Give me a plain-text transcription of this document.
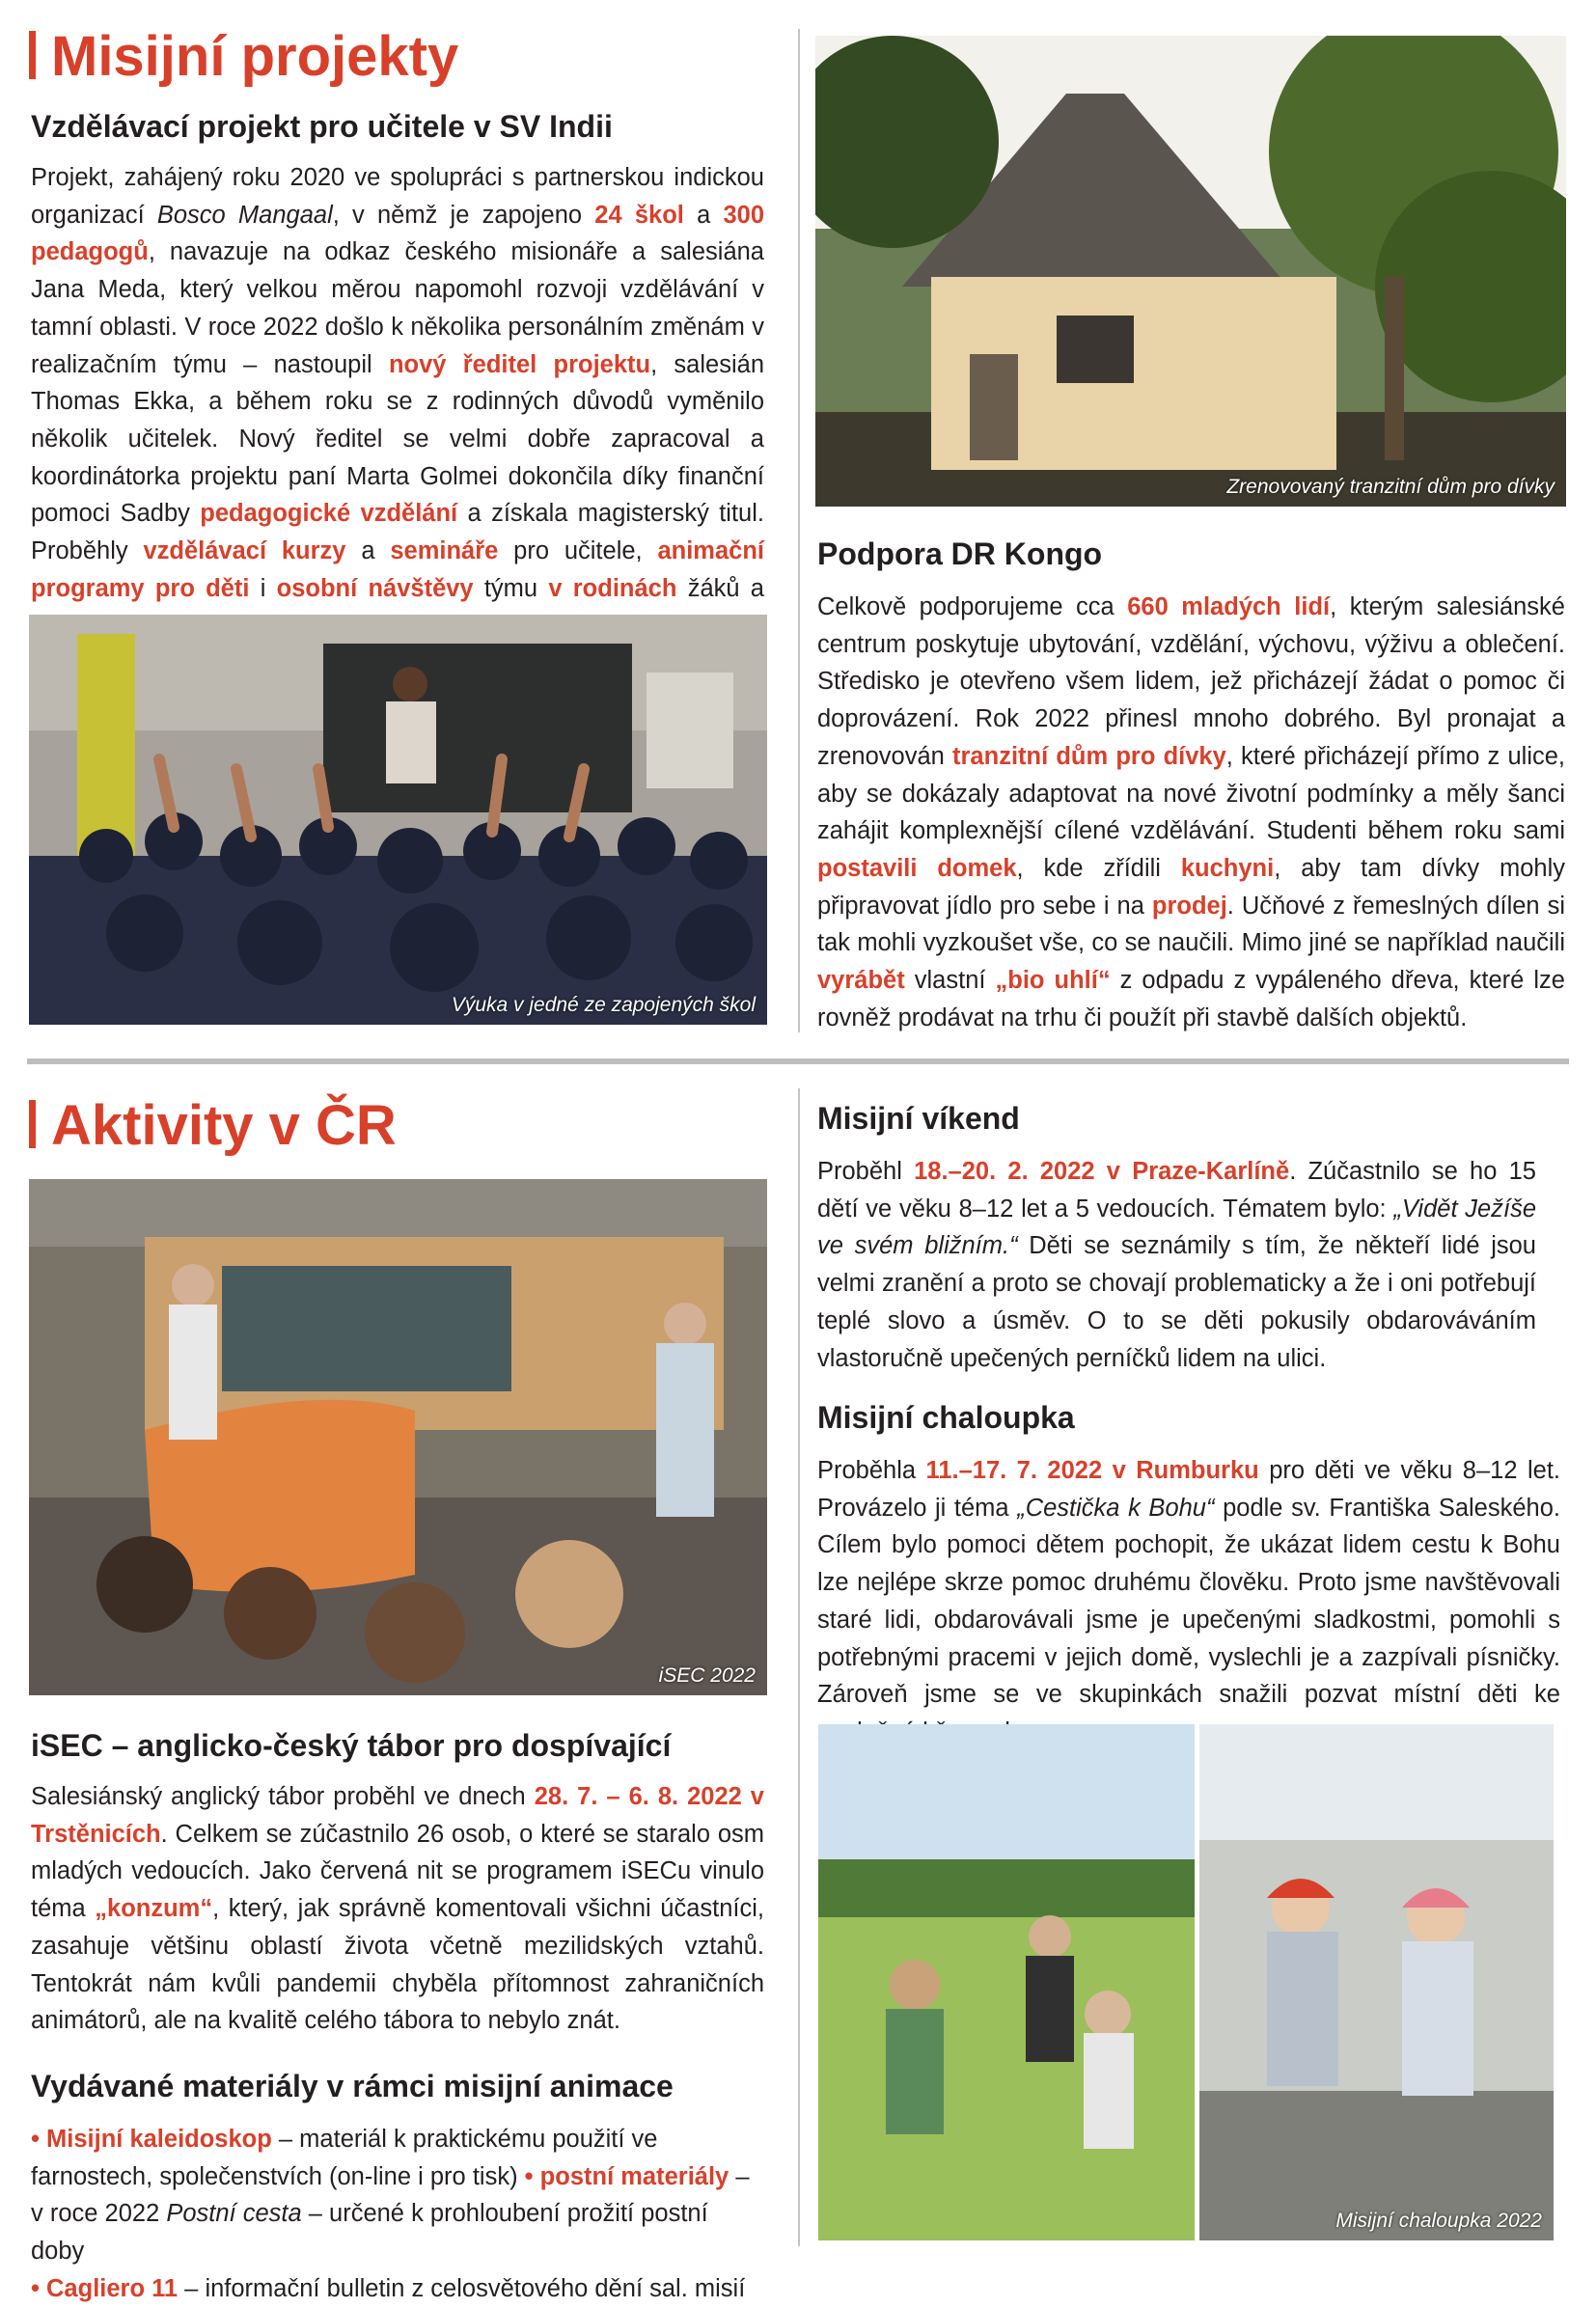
Misijní projekty
Vzdělávací projekt pro učitele v SV Indii

Projekt, zahájený roku 2020 ve spolupráci s partnerskou indickou organizací Bosco Mangaal, v němž je zapojeno 24 škol a 300 pedagogů, navazuje na odkaz českého misionáře a salesiána Jana Meda, který velkou měrou napomohl rozvoji vzdělávání v tamní oblasti. V roce 2022 došlo k několika personálním změnám v realizačním týmu – nastoupil nový ředitel projektu, salesián Thomas Ekka, a během roku se z rodinných důvodů vyměnilo několik učitelek. Nový ředitel se velmi dobře zapracoval a koordinátorka projektu paní Marta Golmei dokončila díky finanční pomoci Sadby pedagogické vzdělání a získala magisterský titul. Proběhly vzdělávací kurzy a semináře pro učitele, animační programy pro děti i osobní návštěvy týmu v rodinách žáků a

Výuka v jedné ze zapojených škol
Zrenovovaný tranzitní dům pro dívky
Podpora DR Kongo

Celkově podporujeme cca 660 mladých lidí, kterým salesiánské centrum poskytuje ubytování, vzdělání, výchovu, výživu a oblečení. Středisko je otevřeno všem lidem, jež přicházejí žádat o pomoc či doprovázení. Rok 2022 přinesl mnoho dobrého. Byl pronajat a zrenovován tranzitní dům pro dívky, které přicházejí přímo z ulice, aby se dokázaly adaptovat na nové životní podmínky a měly šanci zahájit komplexnější cílené vzdělávání. Studenti během roku sami postavili domek, kde zřídili kuchyni, aby tam dívky mohly připravovat jídlo pro sebe i na prodej. Učňové z řemeslných dílen si tak mohli vyzkoušet vše, co se naučili. Mimo jiné se například naučili vyrábět vlastní „bio uhlí“ z odpadu z vypáleného dřeva, které lze rovněž prodávat na trhu či použít při stavbě dalších objektů.

Aktivity v ČR
iSEC 2022
iSEC – anglicko-český tábor pro dospívající

Salesiánský anglický tábor proběhl ve dnech 28. 7. – 6. 8. 2022 v Trstěnicích. Celkem se zúčastnilo 26 osob, o které se staralo osm mladých vedoucích. Jako červená nit se programem iSECu vinulo téma „konzum“, který, jak správně komentovali všichni účastníci, zasahuje většinu oblastí života včetně mezilidských vztahů. Tentokrát nám kvůli pandemii chyběla přítomnost zahraničních animátorů, ale na kvalitě celého tábora to nebylo znát.

Vydávané materiály v rámci misijní animace

• Misijní kaleidoskop – materiál k praktickému použití ve farnostech, společenstvích (on-line i pro tisk) • postní materiály – v roce 2022 Postní cesta – určené k prohloubení prožití postní doby
• Cagliero 11 – informační bulletin z celosvětového dění sal. misií

Misijní víkend

Proběhl 18.–20. 2. 2022 v Praze-Karlíně. Zúčastnilo se ho 15 dětí ve věku 8–12 let a 5 vedoucích. Tématem bylo: „Vidět Ježíše ve svém bližním.“ Děti se seznámily s tím, že někteří lidé jsou velmi zranění a proto se chovají problematicky a že i oni potřebují teplé slovo a úsměv. O to se děti pokusily obdarováváním vlastoručně upečených perníčků lidem na ulici.

Misijní chaloupka

Proběhla 11.–17. 7. 2022 v Rumburku pro děti ve věku 8–12 let. Provázelo ji téma „Cestička k Bohu“ podle sv. Františka Saleského. Cílem bylo pomoci dětem pochopit, že ukázat lidem cestu k Bohu lze nejlépe skrze pomoc druhému člověku. Proto jsme navštěvovali staré lidi, obdarovávali jsme je upečenými sladkostmi, pomohli s potřebnými pracemi v jejich domě, vyslechli je a zazpívali písničky. Zároveň jsme se ve skupinkách snažili pozvat místní děti ke

Misijní chaloupka 2022
